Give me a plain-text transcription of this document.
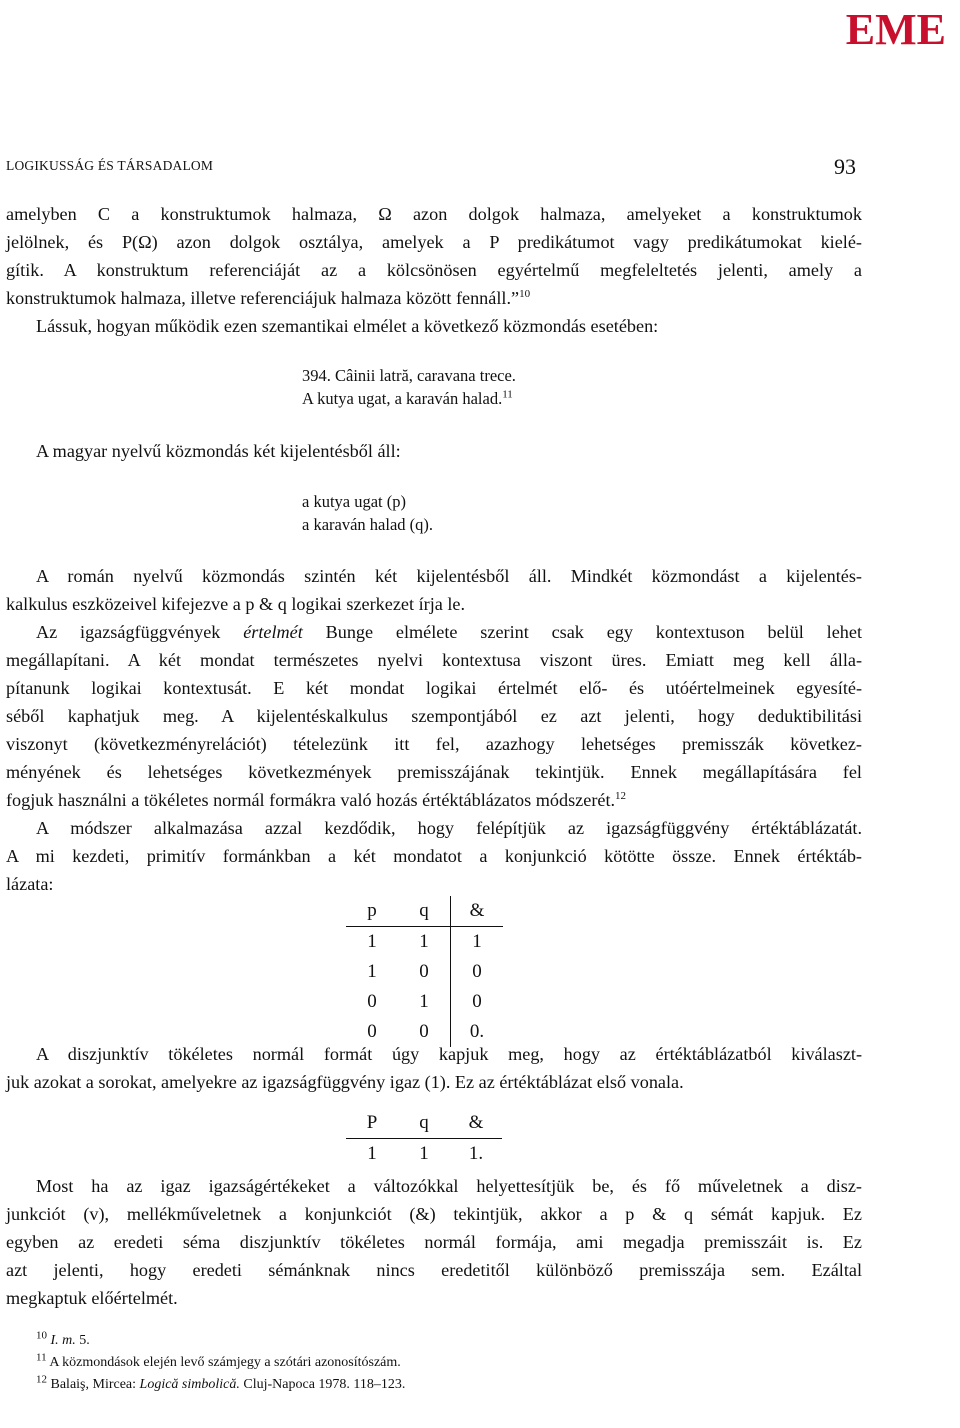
EME
LOGIKUSSÁG ÉS TÁRSADALOM	93
amelyben C a konstruktumok halmaza, Ω azon dolgok halmaza, amelyeket a konstruktumok
jelölnek, és P(Ω) azon dolgok osztálya, amelyek a P predikátumot vagy predikátumokat kielé-
gítik. A konstruktum referenciáját az a kölcsönösen egyértelmű megfeleltetés jelenti, amely a
konstruktumok halmaza, illetve referenciájuk halmaza között fennáll.”$^{10}$
Lássuk, hogyan működik ezen szemantikai elmélet a következő közmondás esetében:
394. Câinii latră, caravana trece.
A kutya ugat, a karaván halad.$^{11}$
A magyar nyelvű közmondás két kijelentésből áll:
a kutya ugat (p)
a karaván halad (q).
A román nyelvű közmondás szintén két kijelentésből áll. Mindkét közmondást a kijelentés-
kalkulus eszközeivel kifejezve a p & q logikai szerkezet írja le.
Az igazságfüggvények értelmét Bunge elmélete szerint csak egy kontextuson belül lehet
megállapítani. A két mondat természetes nyelvi kontextusa viszont üres. Emiatt meg kell álla-
pítanunk logikai kontextusát. E két mondat logikai értelmét elő- és utóértelmeinek egyesíté-
séből kaphatjuk meg. A kijelentéskalkulus szempontjából ez azt jelenti, hogy deduktibilitási
viszonyt (következményrelációt) tételezünk itt fel, azazhogy lehetséges premisszák következ-
ményének és lehetséges következmények premisszájának tekintjük. Ennek megállapítására fel
fogjuk használni a tökéletes normál formákra való hozás értéktáblázatos módszerét.$^{12}$
A módszer alkalmazása azzal kezdődik, hogy felépítjük az igazságfüggvény értéktáblázatát.
A mi kezdeti, primitív formánkban a két mondatot a konjunkció kötötte össze. Ennek értéktáb-
lázata:
p	q	&
1	1	1
1	0	0
0	1	0
0	0	0.
A diszjunktív tökéletes normál formát úgy kapjuk meg, hogy az értéktáblázatból kiválaszt-
juk azokat a sorokat, amelyekre az igazságfüggvény igaz (1). Ez az értéktáblázat első vonala.
P	q	&
1	1	1.
Most ha az igaz igazságértékeket a változókkal helyettesítjük be, és fő műveletnek a disz-
junkciót (v), mellékműveletnek a konjunkciót (&) tekintjük, akkor a p & q sémát kapjuk. Ez
egyben az eredeti séma diszjunktív tökéletes normál formája, ami megadja premisszáit is. Ez
azt jelenti, hogy eredeti sémánknak nincs eredetitől különböző premisszája sem. Ezáltal
megkaptuk előértelmét.
$^{10}$ I. m. 5.
$^{11}$ A közmondások elején levő számjegy a szótári azonosítószám.
$^{12}$ Balaiş, Mircea: Logică simbolică. Cluj-Napoca 1978. 118–123.
